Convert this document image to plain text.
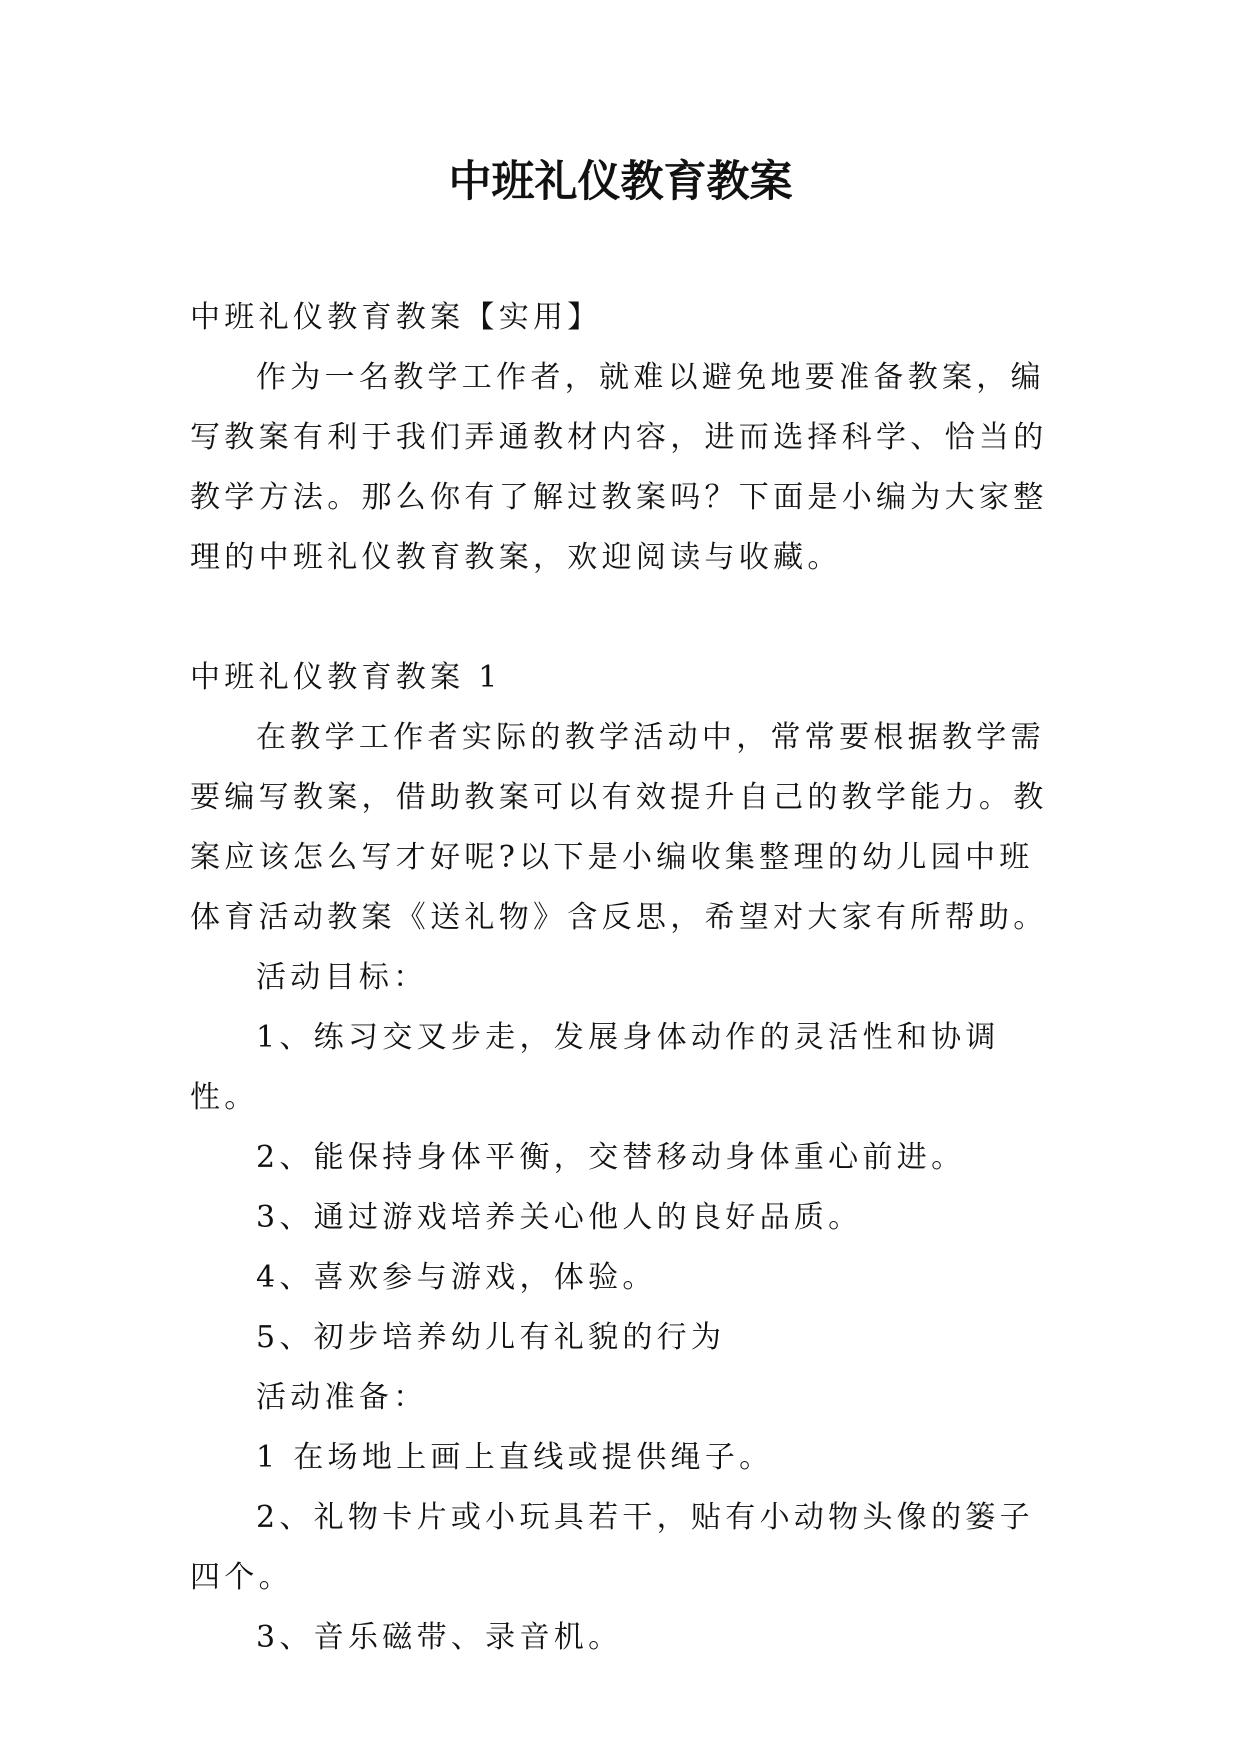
中班礼仪教育教案

中班礼仪教育教案【实用】

作为一名教学工作者，就难以避免地要准备教案，编写教案有利于我们弄通教材内容，进而选择科学、恰当的教学方法。那么你有了解过教案吗？下面是小编为大家整理的中班礼仪教育教案，欢迎阅读与收藏。

中班礼仪教育教案 1

在教学工作者实际的教学活动中，常常要根据教学需要编写教案，借助教案可以有效提升自己的教学能力。教案应该怎么写才好呢?以下是小编收集整理的幼儿园中班体育活动教案《送礼物》含反思，希望对大家有所帮助。

活动目标：

1、练习交叉步走，发展身体动作的灵活性和协调性。

2、能保持身体平衡，交替移动身体重心前进。

3、通过游戏培养关心他人的良好品质。

4、喜欢参与游戏，体验。

5、初步培养幼儿有礼貌的行为

活动准备：

1 在场地上画上直线或提供绳子。

2、礼物卡片或小玩具若干，贴有小动物头像的篓子四个。

3、音乐磁带、录音机。
